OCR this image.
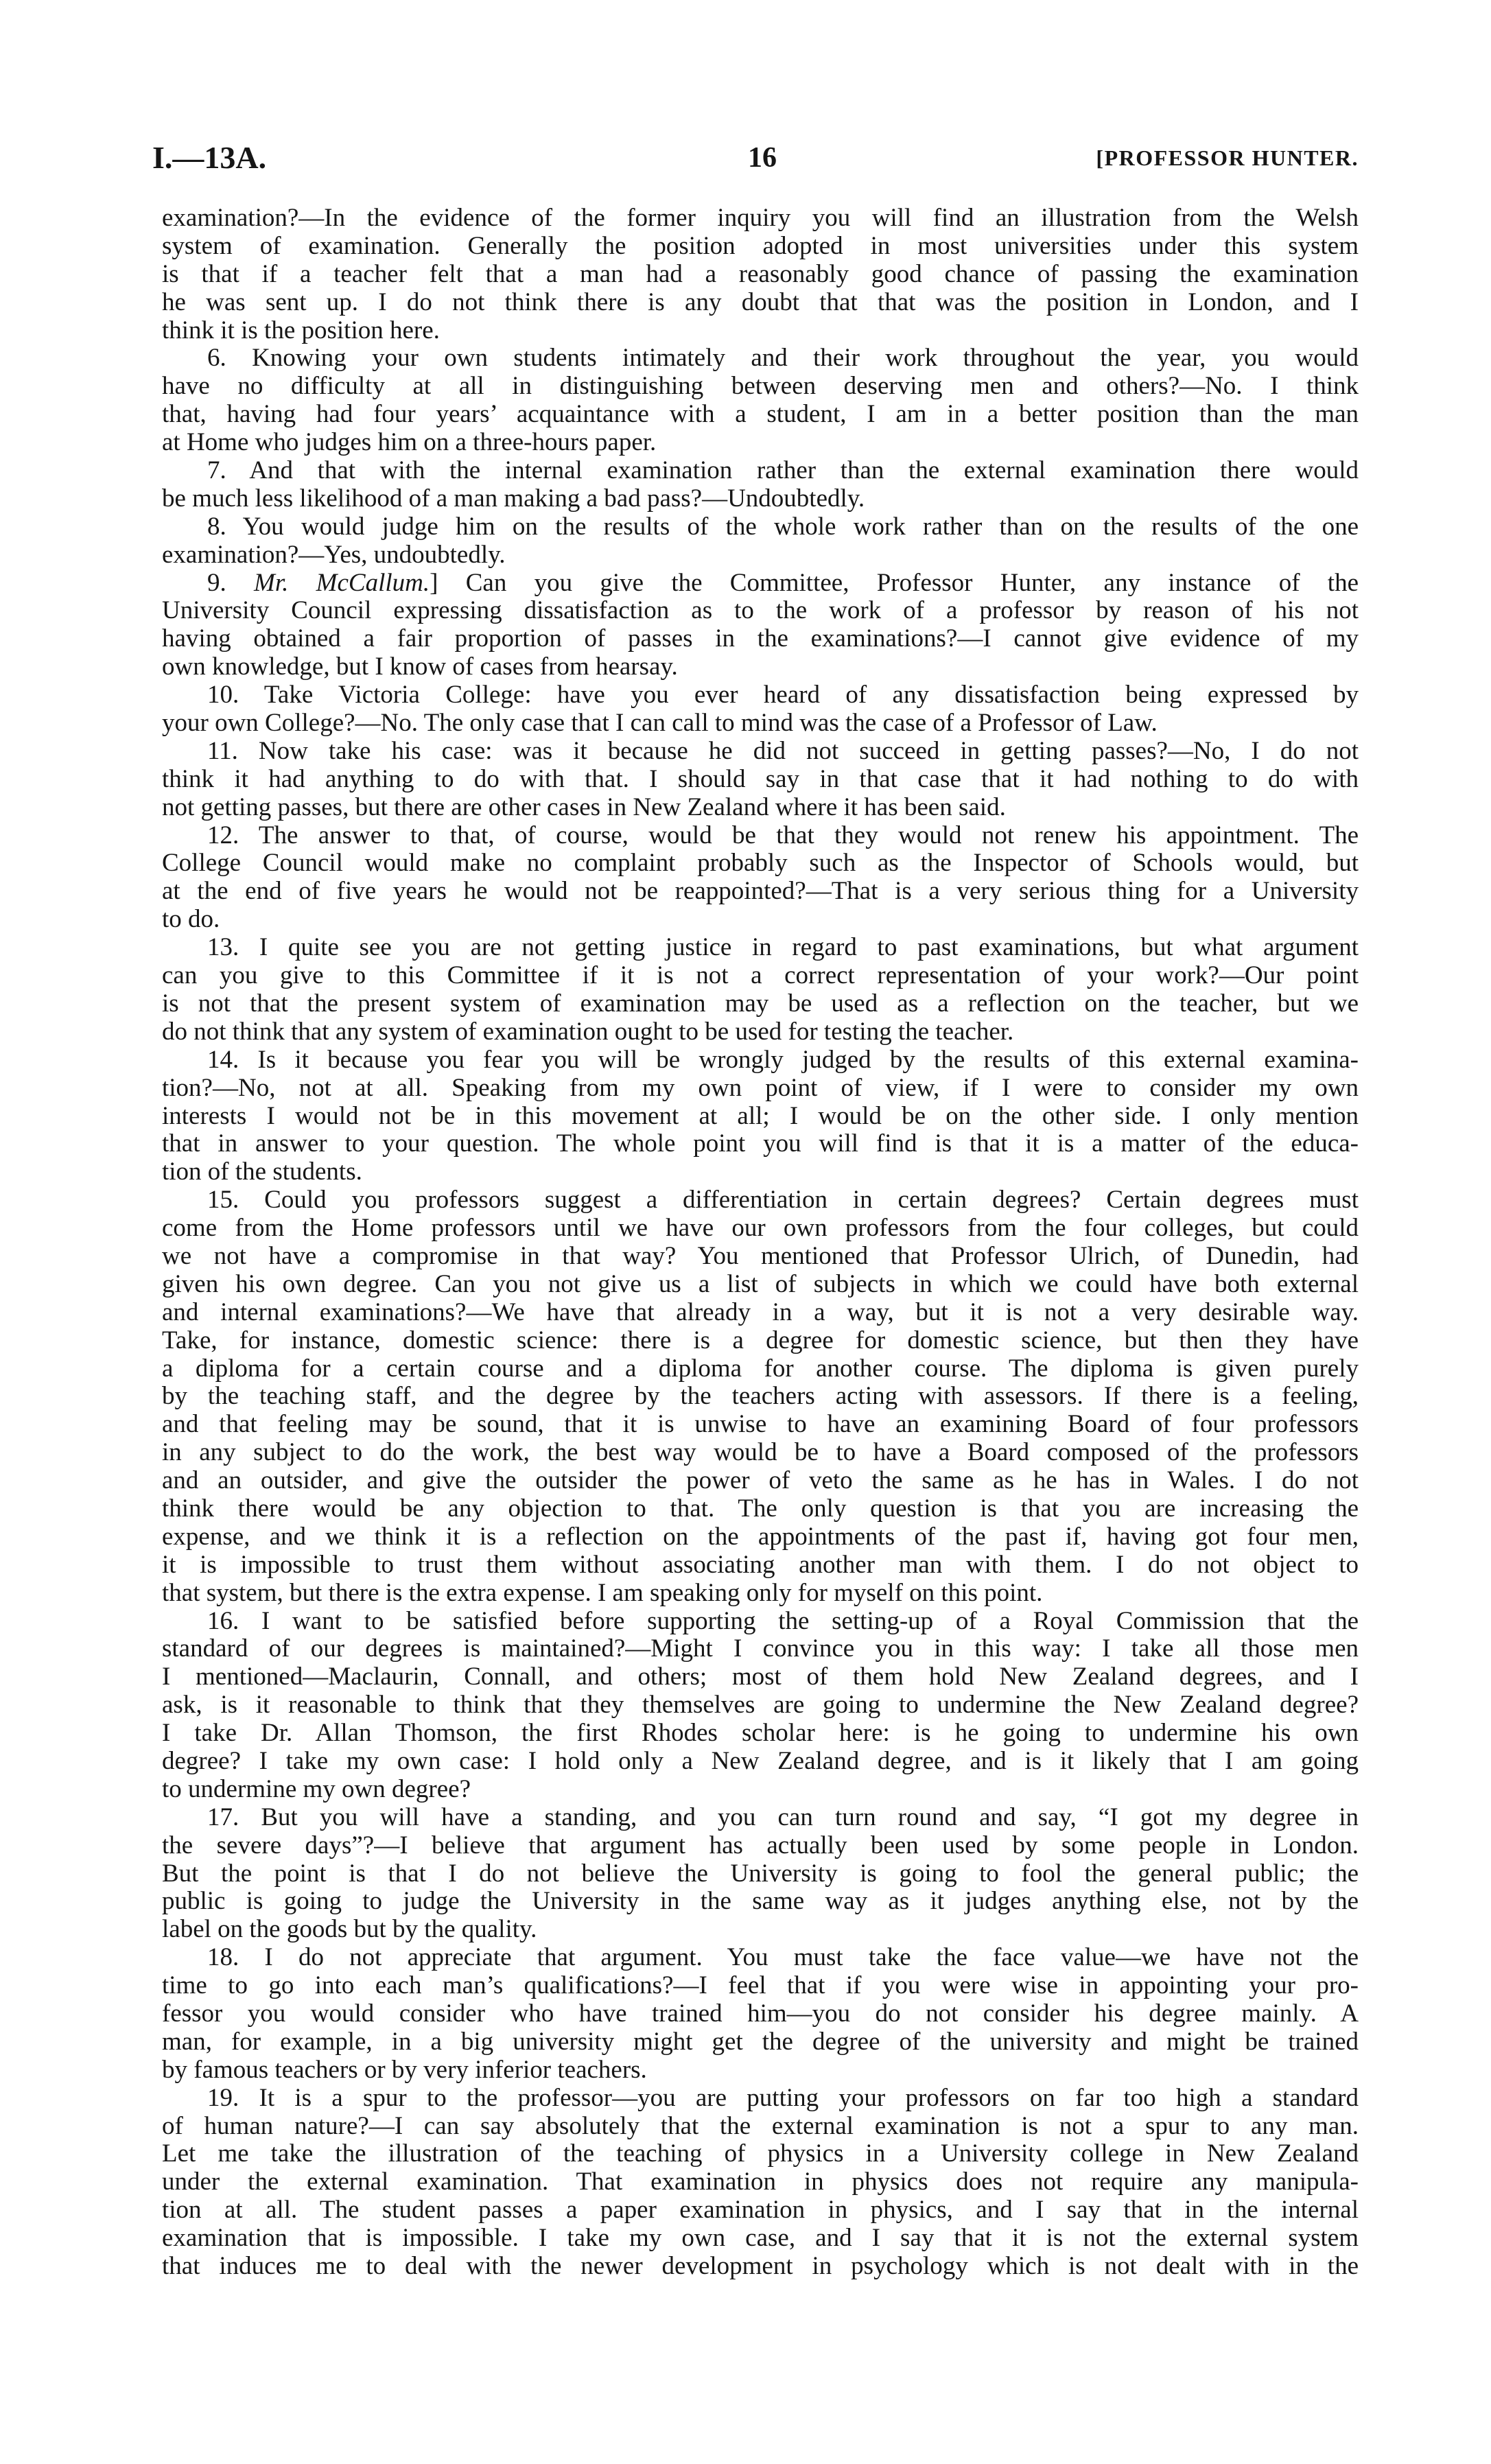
I.—13A.	16	[PROFESSOR HUNTER.
examination?—In the evidence of the former inquiry you will find an illustration from the Welsh
system of examination. Generally the position adopted in most universities under this system
is that if a teacher felt that a man had a reasonably good chance of passing the examination
he was sent up. I do not think there is any doubt that that was the position in London, and I
think it is the position here.
6. Knowing your own students intimately and their work throughout the year, you would
have no difficulty at all in distinguishing between deserving men and others?—No. I think
that, having had four years’ acquaintance with a student, I am in a better position than the man
at Home who judges him on a three-hours paper.
7. And that with the internal examination rather than the external examination there would
be much less likelihood of a man making a bad pass?—Undoubtedly.
8. You would judge him on the results of the whole work rather than on the results of the one
examination?—Yes, undoubtedly.
9. Mr. McCallum.] Can you give the Committee, Professor Hunter, any instance of the
University Council expressing dissatisfaction as to the work of a professor by reason of his not
having obtained a fair proportion of passes in the examinations?—I cannot give evidence of my
own knowledge, but I know of cases from hearsay.
10. Take Victoria College: have you ever heard of any dissatisfaction being expressed by
your own College?—No. The only case that I can call to mind was the case of a Professor of Law.
11. Now take his case: was it because he did not succeed in getting passes?—No, I do not
think it had anything to do with that. I should say in that case that it had nothing to do with
not getting passes, but there are other cases in New Zealand where it has been said.
12. The answer to that, of course, would be that they would not renew his appointment. The
College Council would make no complaint probably such as the Inspector of Schools would, but
at the end of five years he would not be reappointed?—That is a very serious thing for a University
to do.
13. I quite see you are not getting justice in regard to past examinations, but what argument
can you give to this Committee if it is not a correct representation of your work?—Our point
is not that the present system of examination may be used as a reflection on the teacher, but we
do not think that any system of examination ought to be used for testing the teacher.
14. Is it because you fear you will be wrongly judged by the results of this external examina-
tion?—No, not at all. Speaking from my own point of view, if I were to consider my own
interests I would not be in this movement at all; I would be on the other side. I only mention
that in answer to your question. The whole point you will find is that it is a matter of the educa-
tion of the students.
15. Could you professors suggest a differentiation in certain degrees? Certain degrees must
come from the Home professors until we have our own professors from the four colleges, but could
we not have a compromise in that way? You mentioned that Professor Ulrich, of Dunedin, had
given his own degree. Can you not give us a list of subjects in which we could have both external
and internal examinations?—We have that already in a way, but it is not a very desirable way.
Take, for instance, domestic science: there is a degree for domestic science, but then they have
a diploma for a certain course and a diploma for another course. The diploma is given purely
by the teaching staff, and the degree by the teachers acting with assessors. If there is a feeling,
and that feeling may be sound, that it is unwise to have an examining Board of four professors
in any subject to do the work, the best way would be to have a Board composed of the professors
and an outsider, and give the outsider the power of veto the same as he has in Wales. I do not
think there would be any objection to that. The only question is that you are increasing the
expense, and we think it is a reflection on the appointments of the past if, having got four men,
it is impossible to trust them without associating another man with them. I do not object to
that system, but there is the extra expense. I am speaking only for myself on this point.
16. I want to be satisfied before supporting the setting-up of a Royal Commission that the
standard of our degrees is maintained?—Might I convince you in this way: I take all those men
I mentioned—Maclaurin, Connall, and others; most of them hold New Zealand degrees, and I
ask, is it reasonable to think that they themselves are going to undermine the New Zealand degree?
I take Dr. Allan Thomson, the first Rhodes scholar here: is he going to undermine his own
degree? I take my own case: I hold only a New Zealand degree, and is it likely that I am going
to undermine my own degree?
17. But you will have a standing, and you can turn round and say, “I got my degree in
the severe days”?—I believe that argument has actually been used by some people in London.
But the point is that I do not believe the University is going to fool the general public; the
public is going to judge the University in the same way as it judges anything else, not by the
label on the goods but by the quality.
18. I do not appreciate that argument. You must take the face value—we have not the
time to go into each man’s qualifications?—I feel that if you were wise in appointing your pro-
fessor you would consider who have trained him—you do not consider his degree mainly. A
man, for example, in a big university might get the degree of the university and might be trained
by famous teachers or by very inferior teachers.
19. It is a spur to the professor—you are putting your professors on far too high a standard
of human nature?—I can say absolutely that the external examination is not a spur to any man.
Let me take the illustration of the teaching of physics in a University college in New Zealand
under the external examination. That examination in physics does not require any manipula-
tion at all. The student passes a paper examination in physics, and I say that in the internal
examination that is impossible. I take my own case, and I say that it is not the external system
that induces me to deal with the newer development in psychology which is not dealt with in the
